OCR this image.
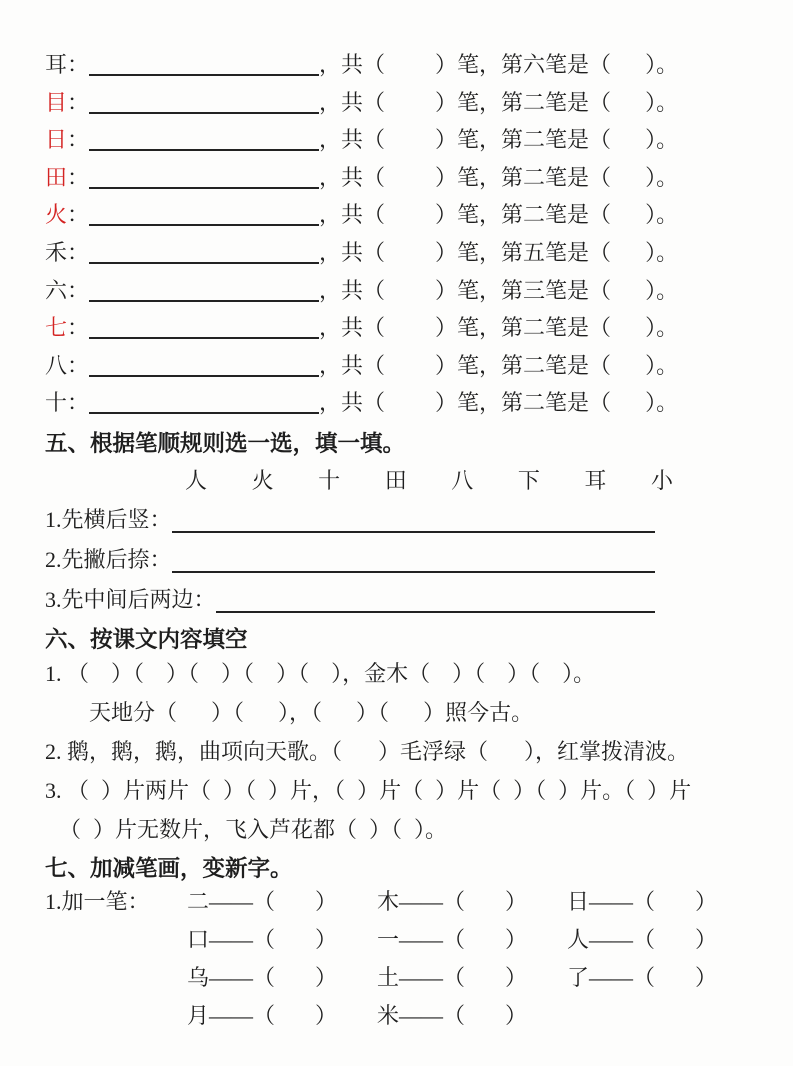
耳：	，共（ ）笔，第六笔是（ ）。
目：	，共（ ）笔，第二笔是（ ）。
日：	，共（ ）笔，第二笔是（ ）。
田：	，共（ ）笔，第二笔是（ ）。
火：	，共（ ）笔，第二笔是（ ）。
禾：	，共（ ）笔，第五笔是（ ）。
六：	，共（ ）笔，第三笔是（ ）。
七：	，共（ ）笔，第二笔是（ ）。
八：	，共（ ）笔，第二笔是（ ）。
十：	，共（ ）笔，第二笔是（ ）。
五、根据笔顺规则选一选，填一填。
人 火 十 田 八 下 耳 小
1.先横后竖：
2.先撇后捺：
3.先中间后两边：
六、按课文内容填空
1. （ ）（ ）（ ）（ ）（ ），金木（ ）（ ）（ ）。
天地分（ ）（ ），（ ）（ ）照今古。
2. 鹅，鹅，鹅，曲项向天歌。（ ）毛浮绿（ ），红掌拨清波。
3. （ ）片两片（ ）（ ）片，（ ）片（ ）片（ ）（ ）片。（ ）片
（ ）片无数片，飞入芦花都（ ）（ ）。
七、加减笔画，变新字。
1.加一笔：	二——（ ）	木——（ ）	日——（ ）
口——（ ）	一——（ ）	人——（ ）
乌——（ ）	土——（ ）	了——（ ）
月——（ ）	米——（ ）
